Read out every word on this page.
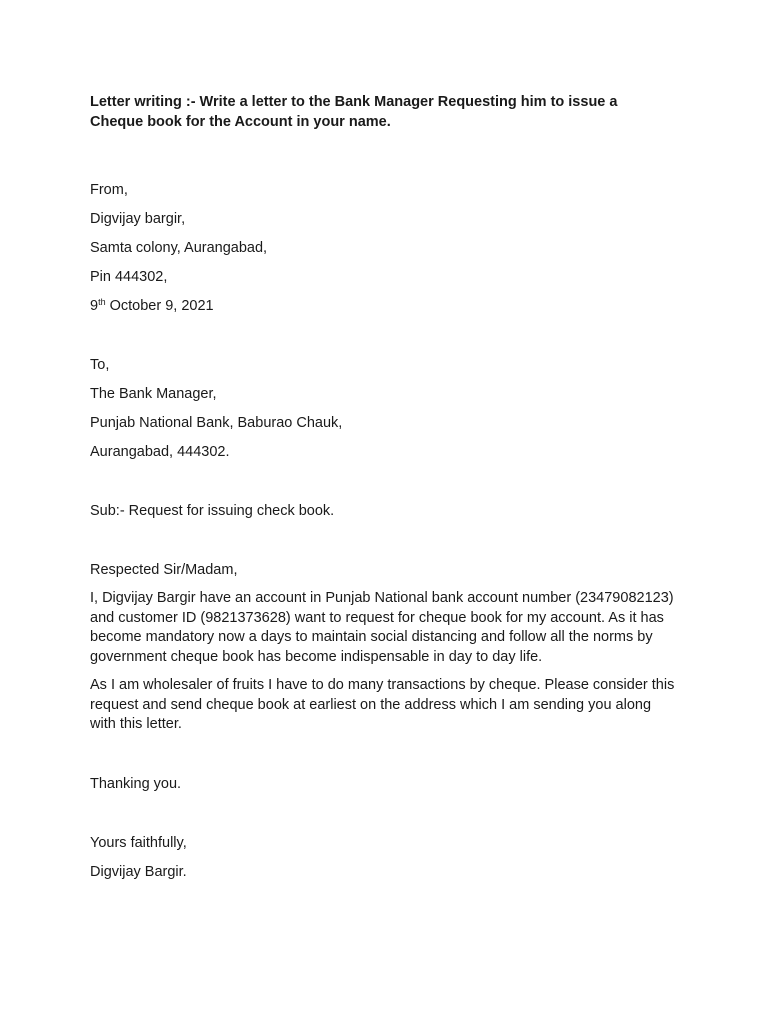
Letter writing :- Write a letter to the Bank Manager Requesting him to issue a

Cheque book for the Account in your name.

From,

Digvijay bargir,

Samta colony, Aurangabad,

Pin 444302,

9th October 9, 2021

To,

The Bank Manager,

Punjab National Bank, Baburao Chauk,

Aurangabad, 444302.

Sub:- Request for issuing check book.

Respected Sir/Madam,

I, Digvijay Bargir have an account in Punjab National bank account number (23479082123) and customer ID (9821373628) want to request for cheque book for my account. As it has become mandatory now a days to maintain social distancing and follow all the norms by government cheque book has become indispensable in day to day life.

As I am wholesaler of fruits I have to do many transactions by cheque. Please consider this request and send cheque book at earliest on the address which I am sending you along with this letter.

Thanking you.

Yours faithfully,

Digvijay Bargir.
